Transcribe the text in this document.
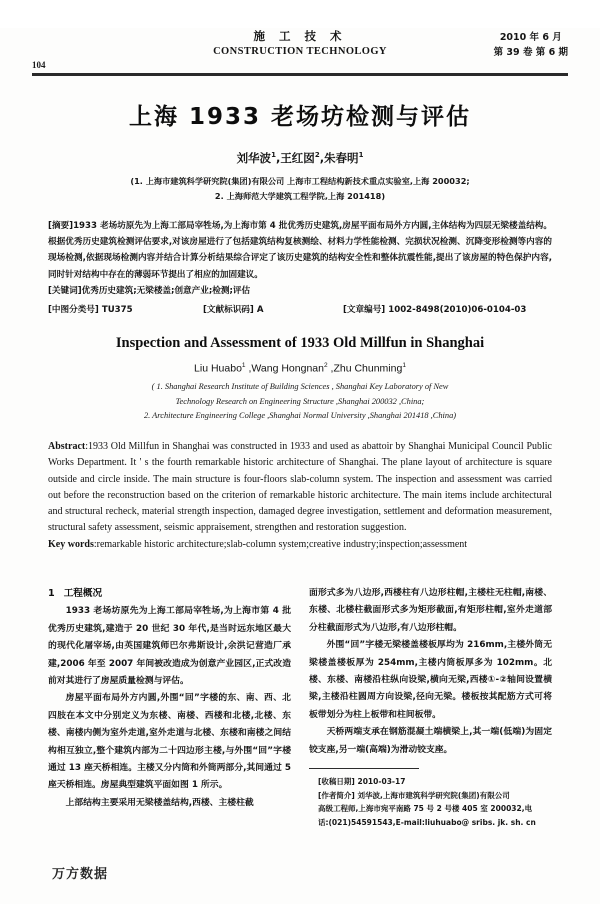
104
施 工 技 术
CONSTRUCTION TECHNOLOGY
2010 年 6 月
第 39 卷 第 6 期
上海 1933 老场坊检测与评估
刘华波$^1$,王红囡$^2$,朱春明$^1$
(1. 上海市建筑科学研究院(集团)有限公司 上海市工程结构新技术重点实验室,上海 200032;
2. 上海师范大学建筑工程学院,上海 201418)

[摘要]1933 老场坊原先为上海工部局宰牲场,为上海市第 4 批优秀历史建筑,房屋平面布局外方内圆,主体结构为四层无梁楼盖结构。根据优秀历史建筑检测评估要求,对该房屋进行了包括建筑结构复核测绘、材料力学性能检测、完损状况检测、沉降变形检测等内容的现场检测,依据现场检测内容并结合计算分析结果综合评定了该历史建筑的结构安全性和整体抗震性能,提出了该房屋的特色保护内容,同时针对结构中存在的薄弱环节提出了相应的加固建议。

[关键词]优秀历史建筑;无梁楼盖;创意产业;检测;评估

[中图分类号] TU375	[文献标识码] A	[文章编号] 1002-8498(2010)06-0104-03
Inspection and Assessment of 1933 Old Millfun in Shanghai
Liu Huabo$^1$ ,Wang Hongnan$^2$ ,Zhu Chunming$^1$
( 1. Shanghai Research Institute of Building Sciences , Shanghai Key Laboratory of New
Technology Research on Engineering Structure ,Shanghai 200032 ,China;
2. Architecture Engineering College ,Shanghai Normal University ,Shanghai 201418 ,China)

Abstract:1933 Old Millfun in Shanghai was constructed in 1933 and used as abattoir by Shanghai Municipal Council Public Works Department. It ' s the fourth remarkable historic architecture of Shanghai. The plane layout of architecture is square outside and circle inside. The main structure is four-floors slab-column system. The inspection and assessment was carried out before the reconstruction based on the criterion of remarkable historic architecture. The main items include architectural and structural recheck, material strength inspection, damaged degree investigation, settlement and deformation measurement, structural safety assessment, seismic appraisement, strengthen and restoration suggestion.

Key words:remarkable historic architecture;slab-column system;creative industry;inspection;assessment

1 工程概况

1933 老场坊原先为上海工部局宰牲场,为上海市第 4 批优秀历史建筑,建造于 20 世纪 30 年代,是当时远东地区最大的现代化屠宰场,由英国建筑师巴尔弗斯设计,余洪记营造厂承建,2006 年至 2007 年间被改造成为创意产业园区,正式改造前对其进行了房屋质量检测与评估。

房屋平面布局外方内圆,外围“回”字楼的东、南、西、北四肢在本文中分别定义为东楼、南楼、西楼和北楼,北楼、东楼、南楼内侧为室外走道,室外走道与北楼、东楼和南楼之间结构相互独立,整个建筑内部为二十四边形主楼,与外围“回”字楼通过 13 座天桥相连。主楼又分内筒和外筒两部分,其间通过 5 座天桥相连。房屋典型建筑平面如图 1 所示。

上部结构主要采用无梁楼盖结构,西楼、主楼柱截

面形式多为八边形,西楼柱有八边形柱帽,主楼柱无柱帽,南楼、东楼、北楼柱截面形式多为矩形截面,有矩形柱帽,室外走道部分柱截面形式为八边形,有八边形柱帽。

外围“回”字楼无梁楼盖楼板厚均为 216mm,主楼外筒无梁楼盖楼板厚为 254mm,主楼内筒板厚多为 102mm。北楼、东楼、南楼沿柱纵向设梁,横向无梁,西楼①-②轴间设置横梁,主楼沿柱圆周方向设梁,径向无梁。楼板按其配筋方式可将板带划分为柱上板带和柱间板带。

天桥两端支承在钢筋混凝土端横梁上,其一端(低端)为固定铰支座,另一端(高端)为滑动铰支座。

[收稿日期] 2010-03-17

[作者简介] 刘华波,上海市建筑科学研究院(集团)有限公司

高级工程师,上海市宛平南路 75 号 2 号楼 405 室 200032,电

话:(021)54591543,E-mail:liuhuabo@ sribs. jk. sh. cn

万方数据
